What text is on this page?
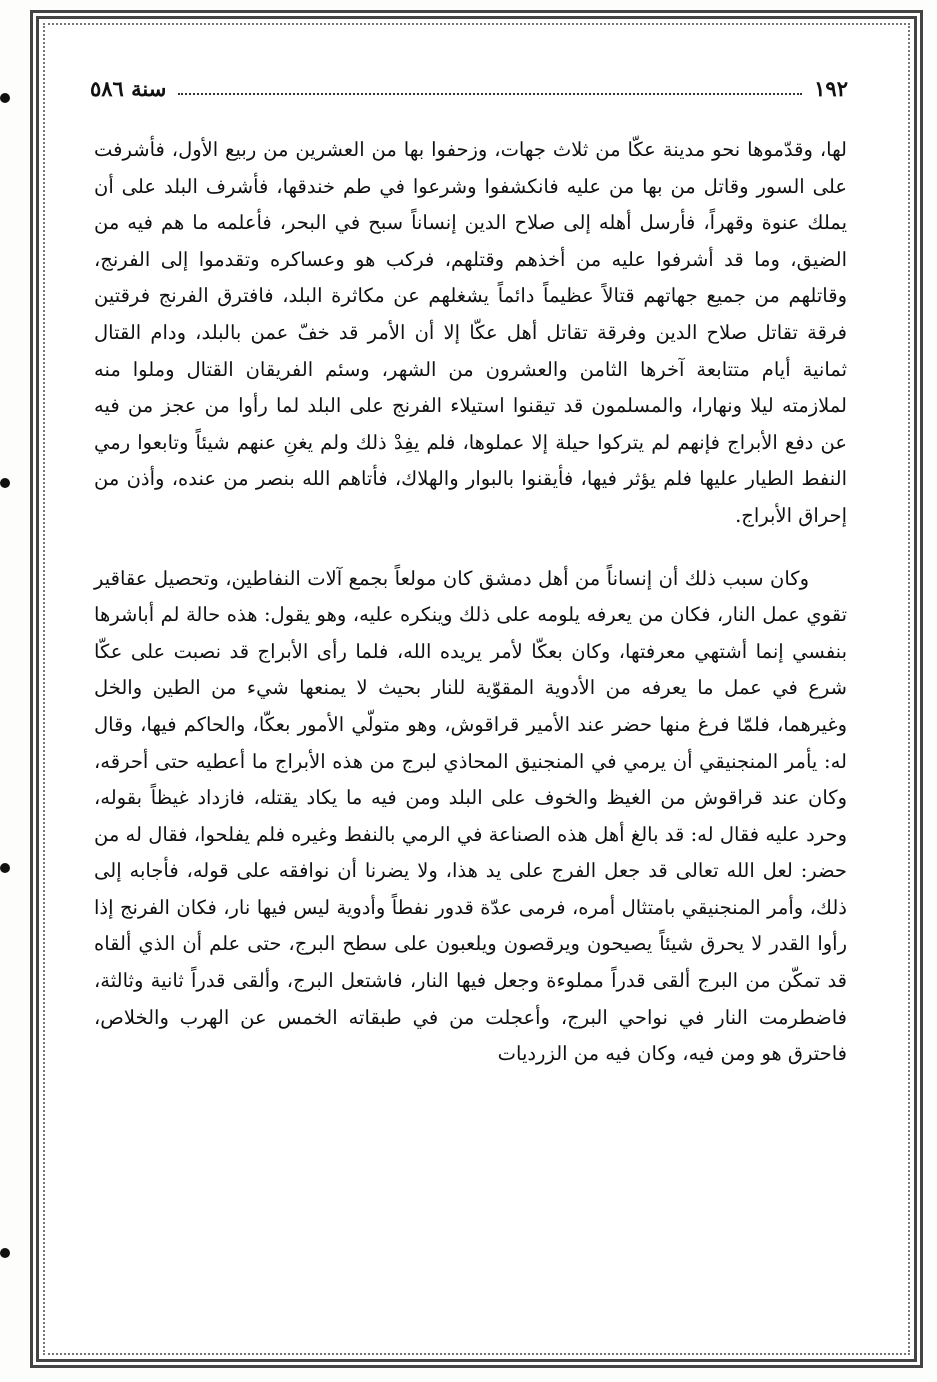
١٩٢
سنة ٥٨٦

لها، وقدّموها نحو مدينة عكّا من ثلاث جهات، وزحفوا بها من العشرين من ربيع الأول، فأشرفت على السور وقاتل من بها من عليه فانكشفوا وشرعوا في طم خندقها، فأشرف البلد على أن يملك عنوة وقهراً، فأرسل أهله إلى صلاح الدين إنساناً سبح في البحر، فأعلمه ما هم فيه من الضيق، وما قد أشرفوا عليه من أخذهم وقتلهم، فركب هو وعساكره وتقدموا إلى الفرنج، وقاتلهم من جميع جهاتهم قتالاً عظيماً دائماً يشغلهم عن مكاثرة البلد، فافترق الفرنج فرقتين فرقة تقاتل صلاح الدين وفرقة تقاتل أهل عكّا إلا أن الأمر قد خفّ عمن بالبلد، ودام القتال ثمانية أيام متتابعة آخرها الثامن والعشرون من الشهر، وسئم الفريقان القتال وملوا منه لملازمته ليلا ونهارا، والمسلمون قد تيقنوا استيلاء الفرنج على البلد لما رأوا من عجز من فيه عن دفع الأبراج فإنهم لم يتركوا حيلة إلا عملوها، فلم يفِدْ ذلك ولم يغنِ عنهم شيئاً وتابعوا رمي النفط الطيار عليها فلم يؤثر فيها، فأيقنوا بالبوار والهلاك، فأتاهم الله بنصر من عنده، وأذن من إحراق الأبراج.

وكان سبب ذلك أن إنساناً من أهل دمشق كان مولعاً بجمع آلات النفاطين، وتحصيل عقاقير تقوي عمل النار، فكان من يعرفه يلومه على ذلك وينكره عليه، وهو يقول: هذه حالة لم أباشرها بنفسي إنما أشتهي معرفتها، وكان بعكّا لأمر يريده الله، فلما رأى الأبراج قد نصبت على عكّا شرع في عمل ما يعرفه من الأدوية المقوّية للنار بحيث لا يمنعها شيء من الطين والخل وغيرهما، فلمّا فرغ منها حضر عند الأمير قراقوش، وهو متولّي الأمور بعكّا، والحاكم فيها، وقال له: يأمر المنجنيقي أن يرمي في المنجنيق المحاذي لبرج من هذه الأبراج ما أعطيه حتى أحرقه، وكان عند قراقوش من الغيظ والخوف على البلد ومن فيه ما يكاد يقتله، فازداد غيظاً بقوله، وحرد عليه فقال له: قد بالغ أهل هذه الصناعة في الرمي بالنفط وغيره فلم يفلحوا، فقال له من حضر: لعل الله تعالى قد جعل الفرج على يد هذا، ولا يضرنا أن نوافقه على قوله، فأجابه إلى ذلك، وأمر المنجنيقي بامتثال أمره، فرمى عدّة قدور نفطاً وأدوية ليس فيها نار، فكان الفرنج إذا رأوا القدر لا يحرق شيئاً يصيحون ويرقصون ويلعبون على سطح البرج، حتى علم أن الذي ألقاه قد تمكّن من البرج ألقى قدراً مملوءة وجعل فيها النار، فاشتعل البرج، وألقى قدراً ثانية وثالثة، فاضطرمت النار في نواحي البرج، وأعجلت من في طبقاته الخمس عن الهرب والخلاص، فاحترق هو ومن فيه، وكان فيه من الزرديات
